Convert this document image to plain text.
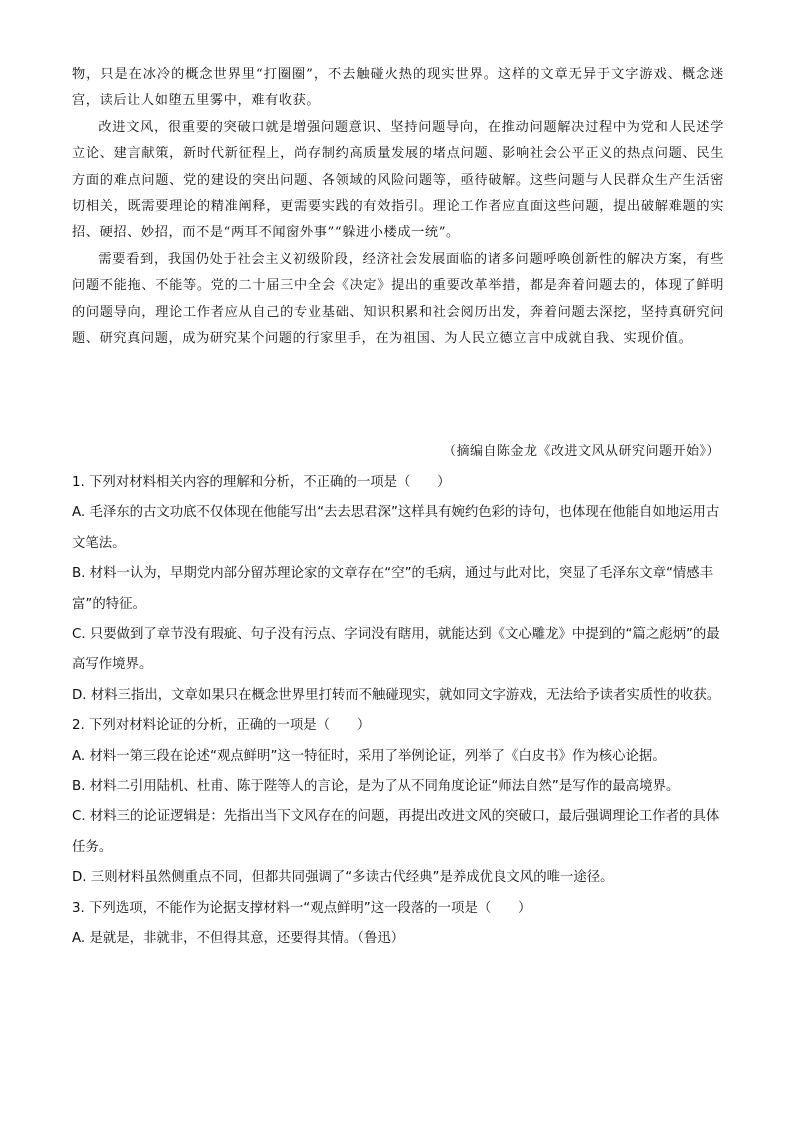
物，只是在冰冷的概念世界里“打圈圈”，不去触碰火热的现实世界。这样的文章无异于文字游戏、概念迷宫，读后让人如堕五里雾中，难有收获。

改进文风，很重要的突破口就是增强问题意识、坚持问题导向，在推动问题解决过程中为党和人民述学立论、建言献策，新时代新征程上，尚存制约高质量发展的堵点问题、影响社会公平正义的热点问题、民生方面的难点问题、党的建设的突出问题、各领域的风险问题等，亟待破解。这些问题与人民群众生产生活密切相关，既需要理论的精准阐释，更需要实践的有效指引。理论工作者应直面这些问题，提出破解难题的实招、硬招、妙招，而不是“两耳不闻窗外事”“躲进小楼成一统”。

需要看到，我国仍处于社会主义初级阶段，经济社会发展面临的诸多问题呼唤创新性的解决方案，有些问题不能拖、不能等。党的二十届三中全会《决定》提出的重要改革举措，都是奔着问题去的，体现了鲜明的问题导向，理论工作者应从自己的专业基础、知识积累和社会阅历出发，奔着问题去深挖，坚持真研究问题、研究真问题，成为研究某个问题的行家里手，在为祖国、为人民立德立言中成就自我、实现价值。

（摘编自陈金龙《改进文风从研究问题开始》）

1. 下列对材料相关内容的理解和分析，不正确的一项是（　　）

A. 毛泽东的古文功底不仅体现在他能写出“去去思君深”这样具有婉约色彩的诗句，也体现在他能自如地运用古文笔法。

B. 材料一认为，早期党内部分留苏理论家的文章存在“空”的毛病，通过与此对比，突显了毛泽东文章“情感丰富”的特征。

C. 只要做到了章节没有瑕疵、句子没有污点、字词没有瞎用，就能达到《文心雕龙》中提到的“篇之彪炳”的最高写作境界。

D. 材料三指出，文章如果只在概念世界里打转而不触碰现实，就如同文字游戏，无法给予读者实质性的收获。

2. 下列对材料论证的分析，正确的一项是（　　）

A. 材料一第三段在论述“观点鲜明”这一特征时，采用了举例论证，列举了《白皮书》作为核心论据。

B. 材料二引用陆机、杜甫、陈于陛等人的言论，是为了从不同角度论证“师法自然”是写作的最高境界。

C. 材料三的论证逻辑是：先指出当下文风存在的问题，再提出改进文风的突破口，最后强调理论工作者的具体任务。

D. 三则材料虽然侧重点不同，但都共同强调了“多读古代经典”是养成优良文风的唯一途径。

3. 下列选项，不能作为论据支撑材料一“观点鲜明”这一段落的一项是（　　）

A. 是就是，非就非，不但得其意，还要得其情。（鲁迅）
